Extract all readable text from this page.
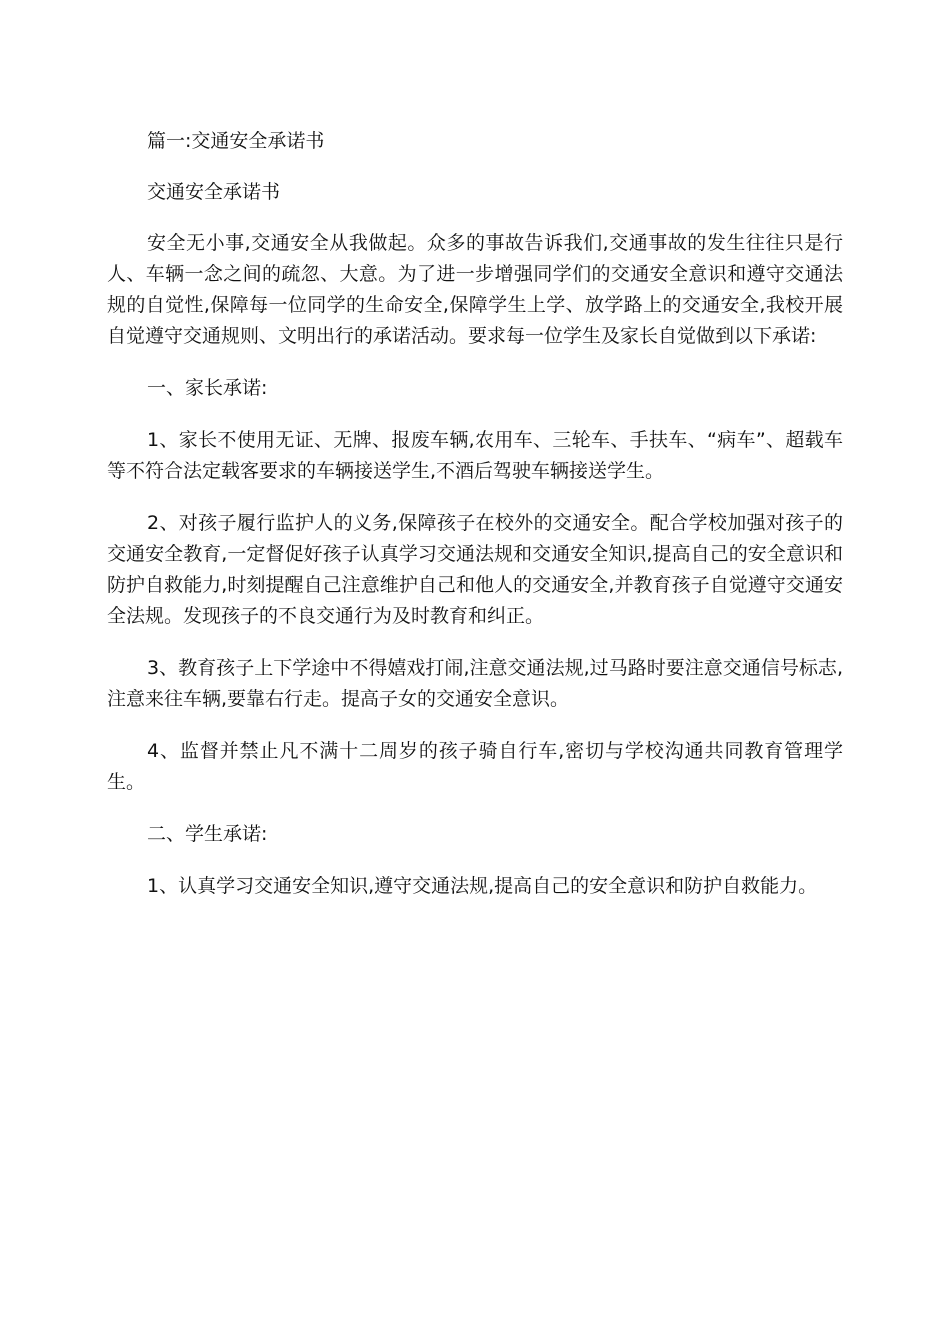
篇一:交通安全承诺书

交通安全承诺书

安全无小事,交通安全从我做起。众多的事故告诉我们,交通事故的发生往往只是行人、车辆一念之间的疏忽、大意。为了进一步增强同学们的交通安全意识和遵守交通法规的自觉性,保障每一位同学的生命安全,保障学生上学、放学路上的交通安全,我校开展自觉遵守交通规则、文明出行的承诺活动。要求每一位学生及家长自觉做到以下承诺:

一、家长承诺:

1、家长不使用无证、无牌、报废车辆,农用车、三轮车、手扶车、“病车”、超载车等不符合法定载客要求的车辆接送学生,不酒后驾驶车辆接送学生。

2、对孩子履行监护人的义务,保障孩子在校外的交通安全。配合学校加强对孩子的交通安全教育,一定督促好孩子认真学习交通法规和交通安全知识,提高自己的安全意识和防护自救能力,时刻提醒自己注意维护自己和他人的交通安全,并教育孩子自觉遵守交通安全法规。发现孩子的不良交通行为及时教育和纠正。

3、教育孩子上下学途中不得嬉戏打闹,注意交通法规,过马路时要注意交通信号标志,注意来往车辆,要靠右行走。提高子女的交通安全意识。

4、监督并禁止凡不满十二周岁的孩子骑自行车,密切与学校沟通共同教育管理学生。

二、学生承诺:

1、认真学习交通安全知识,遵守交通法规,提高自己的安全意识和防护自救能力。
